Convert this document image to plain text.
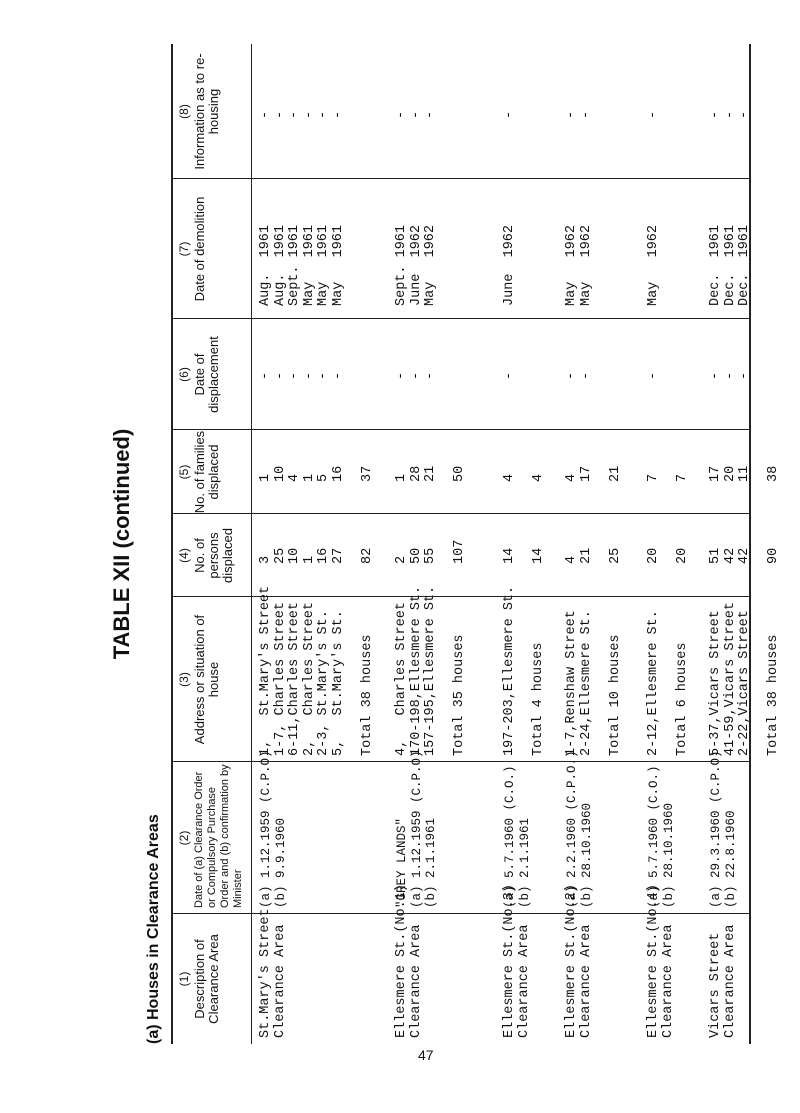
TABLE XII (continued)
(a) Houses in Clearance Areas (1) Description of Clearance Area
(2) Date of (a) Clearance Order or Compulsory Purchase Order and (b) confirmation by Minister
(3) Address or situation of house
(4) No. of persons displaced
(5) No. of families displaced
(6) Date of displacement
(7) Date of demolition
(8) Information as to re-housing
St.Mary's Street
Clearance Area
(a) 1.12.1959 (C.P.O)
(b) 9.9.1960
1,   St.Mary's Street
1-7, Charles Street
6-11,Charles Street
2,   Charles Street
2-3, St.Mary's St.
5,   St.Mary's St.

Total 38 houses
3
25
10
1
16
27

82
1
10
4
1
5
16

37
-
-
-
-
-
-
Aug.  1961
Aug.  1961
Sept. 1961
May   1961
May   1961
May   1961
-
-
-
-
-
-
Ellesmere St.(No.1)
Clearance Area
"GREY LANDS"
(a) 1.12.1959 (C.P.O)
(b) 2.1.1961
4,   Charles Street
170-198,Ellesmere St.
157-195,Ellesmere St.

Total 35 houses
2
50
55

107
1
28
21

50
-
-
-
Sept. 1961
June  1962
May   1962
-
-
-
Ellesmere St.(No.3)
Clearance Area
(a) 5.7.1960 (C.O.)
(b) 2.1.1961
197-203,Ellesmere St.

Total 4 houses
14

14
4

4
-
June  1962
-
Ellesmere St.(No.2)
Clearance Area
(a) 2.2.1960 (C.P.O.)
(b) 28.10.1960
1-7,Renshaw Street
2-24,Ellesmere St.

Total 10 houses
4
21

25
4
17

21
-
-
May   1962
May   1962
-
-
Ellesmere St.(No.4)
Clearance Area
(a) 5.7.1960 (C.O.)
(b) 28.10.1960
2-12,Ellesmere St.

Total 6 houses
20

20
7

7
-
May   1962
-
Vicars Street
Clearance Area
(a) 29.3.1960 (C.P.O)
(b) 22.8.1960
5-37,Vicars Street
41-59,Vicars Street
2-22,Vicars Street

Total 38 houses
51
42
42

90
17
20
11

38
-
-
-
Dec.  1961
Dec.  1961
Dec.  1961
-
-
-
47
